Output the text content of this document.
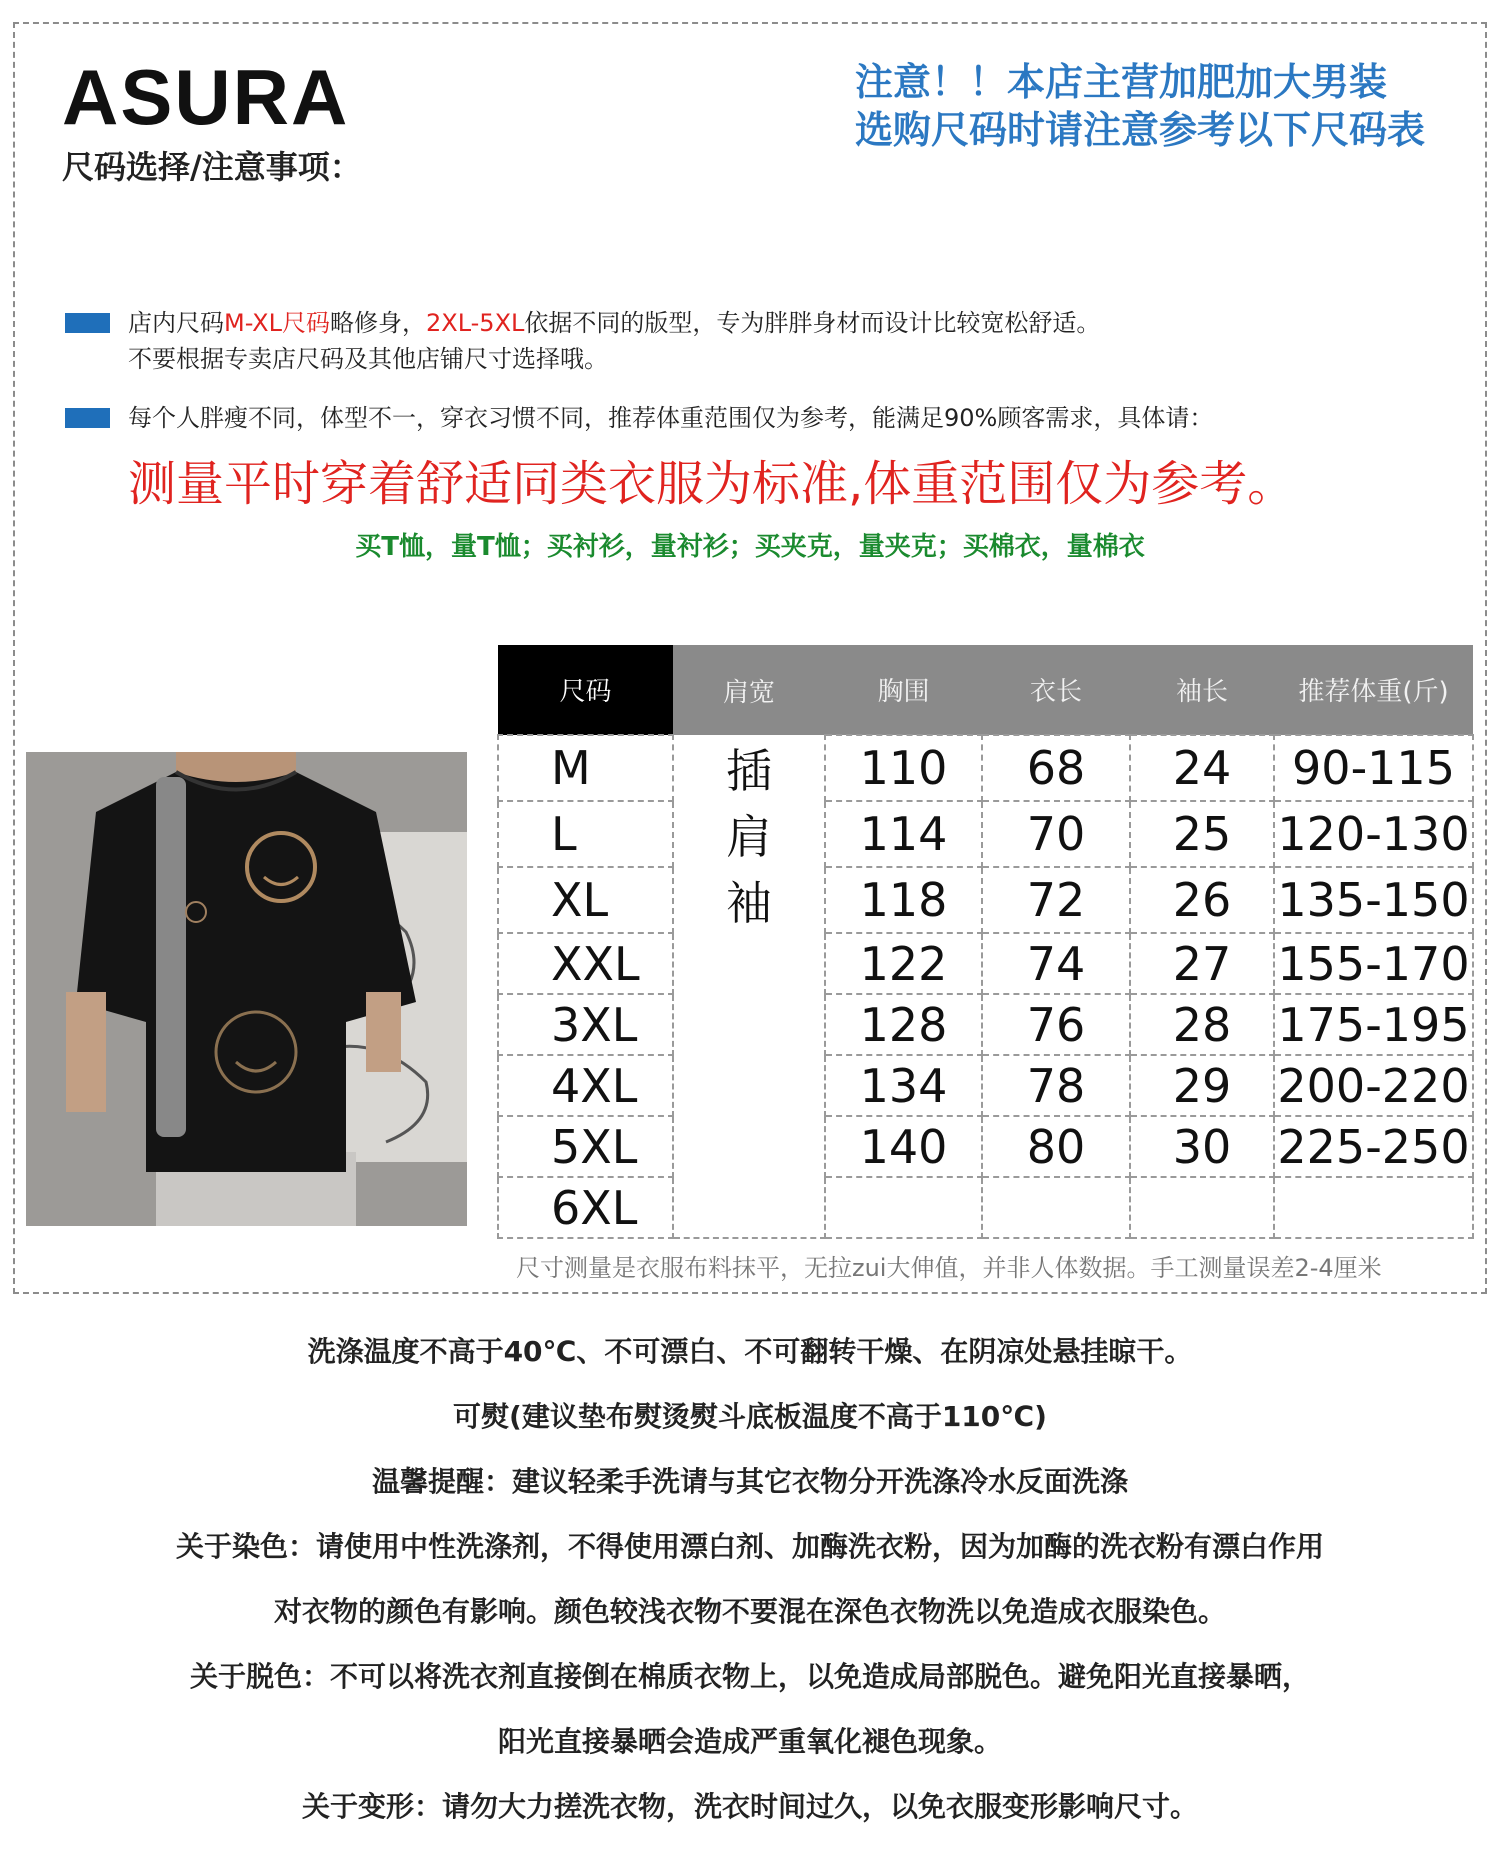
ASURA
尺码选择/注意事项：
注意！！本店主营加肥加大男装
选购尺码时请注意参考以下尺码表
店内尺码M-XL尺码略修身，2XL-5XL依据不同的版型，专为胖胖身材而设计比较宽松舒适。
不要根据专卖店尺码及其他店铺尺寸选择哦。
每个人胖瘦不同，体型不一，穿衣习惯不同，推荐体重范围仅为参考，能满足90%顾客需求，具体请：
测量平时穿着舒适同类衣服为标准,体重范围仅为参考。
买T恤，量T恤；买衬衫，量衬衫；买夹克，量夹克；买棉衣，量棉衣
尺码	肩宽	胸围	衣长	袖长	推荐体重(斤)
M	插	110	68	24	90-115
L	肩	114	70	25	120-130
XL	袖	118	72	26	135-150
XXL		122	74	27	155-170
3XL		128	76	28	175-195
4XL		134	78	29	200-220
5XL		140	80	30	225-250
6XL					
尺寸测量是衣服布料抹平，无拉zui大伸值，并非人体数据。手工测量误差2-4厘米
洗涤温度不高于40℃、不可漂白、不可翻转干燥、在阴凉处悬挂晾干。
可熨(建议垫布熨烫熨斗底板温度不高于110℃)
温馨提醒：建议轻柔手洗请与其它衣物分开洗涤冷水反面洗涤
关于染色：请使用中性洗涤剂，不得使用漂白剂、加酶洗衣粉，因为加酶的洗衣粉有漂白作用
对衣物的颜色有影响。颜色较浅衣物不要混在深色衣物洗以免造成衣服染色。
关于脱色：不可以将洗衣剂直接倒在棉质衣物上，以免造成局部脱色。避免阳光直接暴晒，
阳光直接暴晒会造成严重氧化褪色现象。
关于变形：请勿大力搓洗衣物，洗衣时间过久，以免衣服变形影响尺寸。
